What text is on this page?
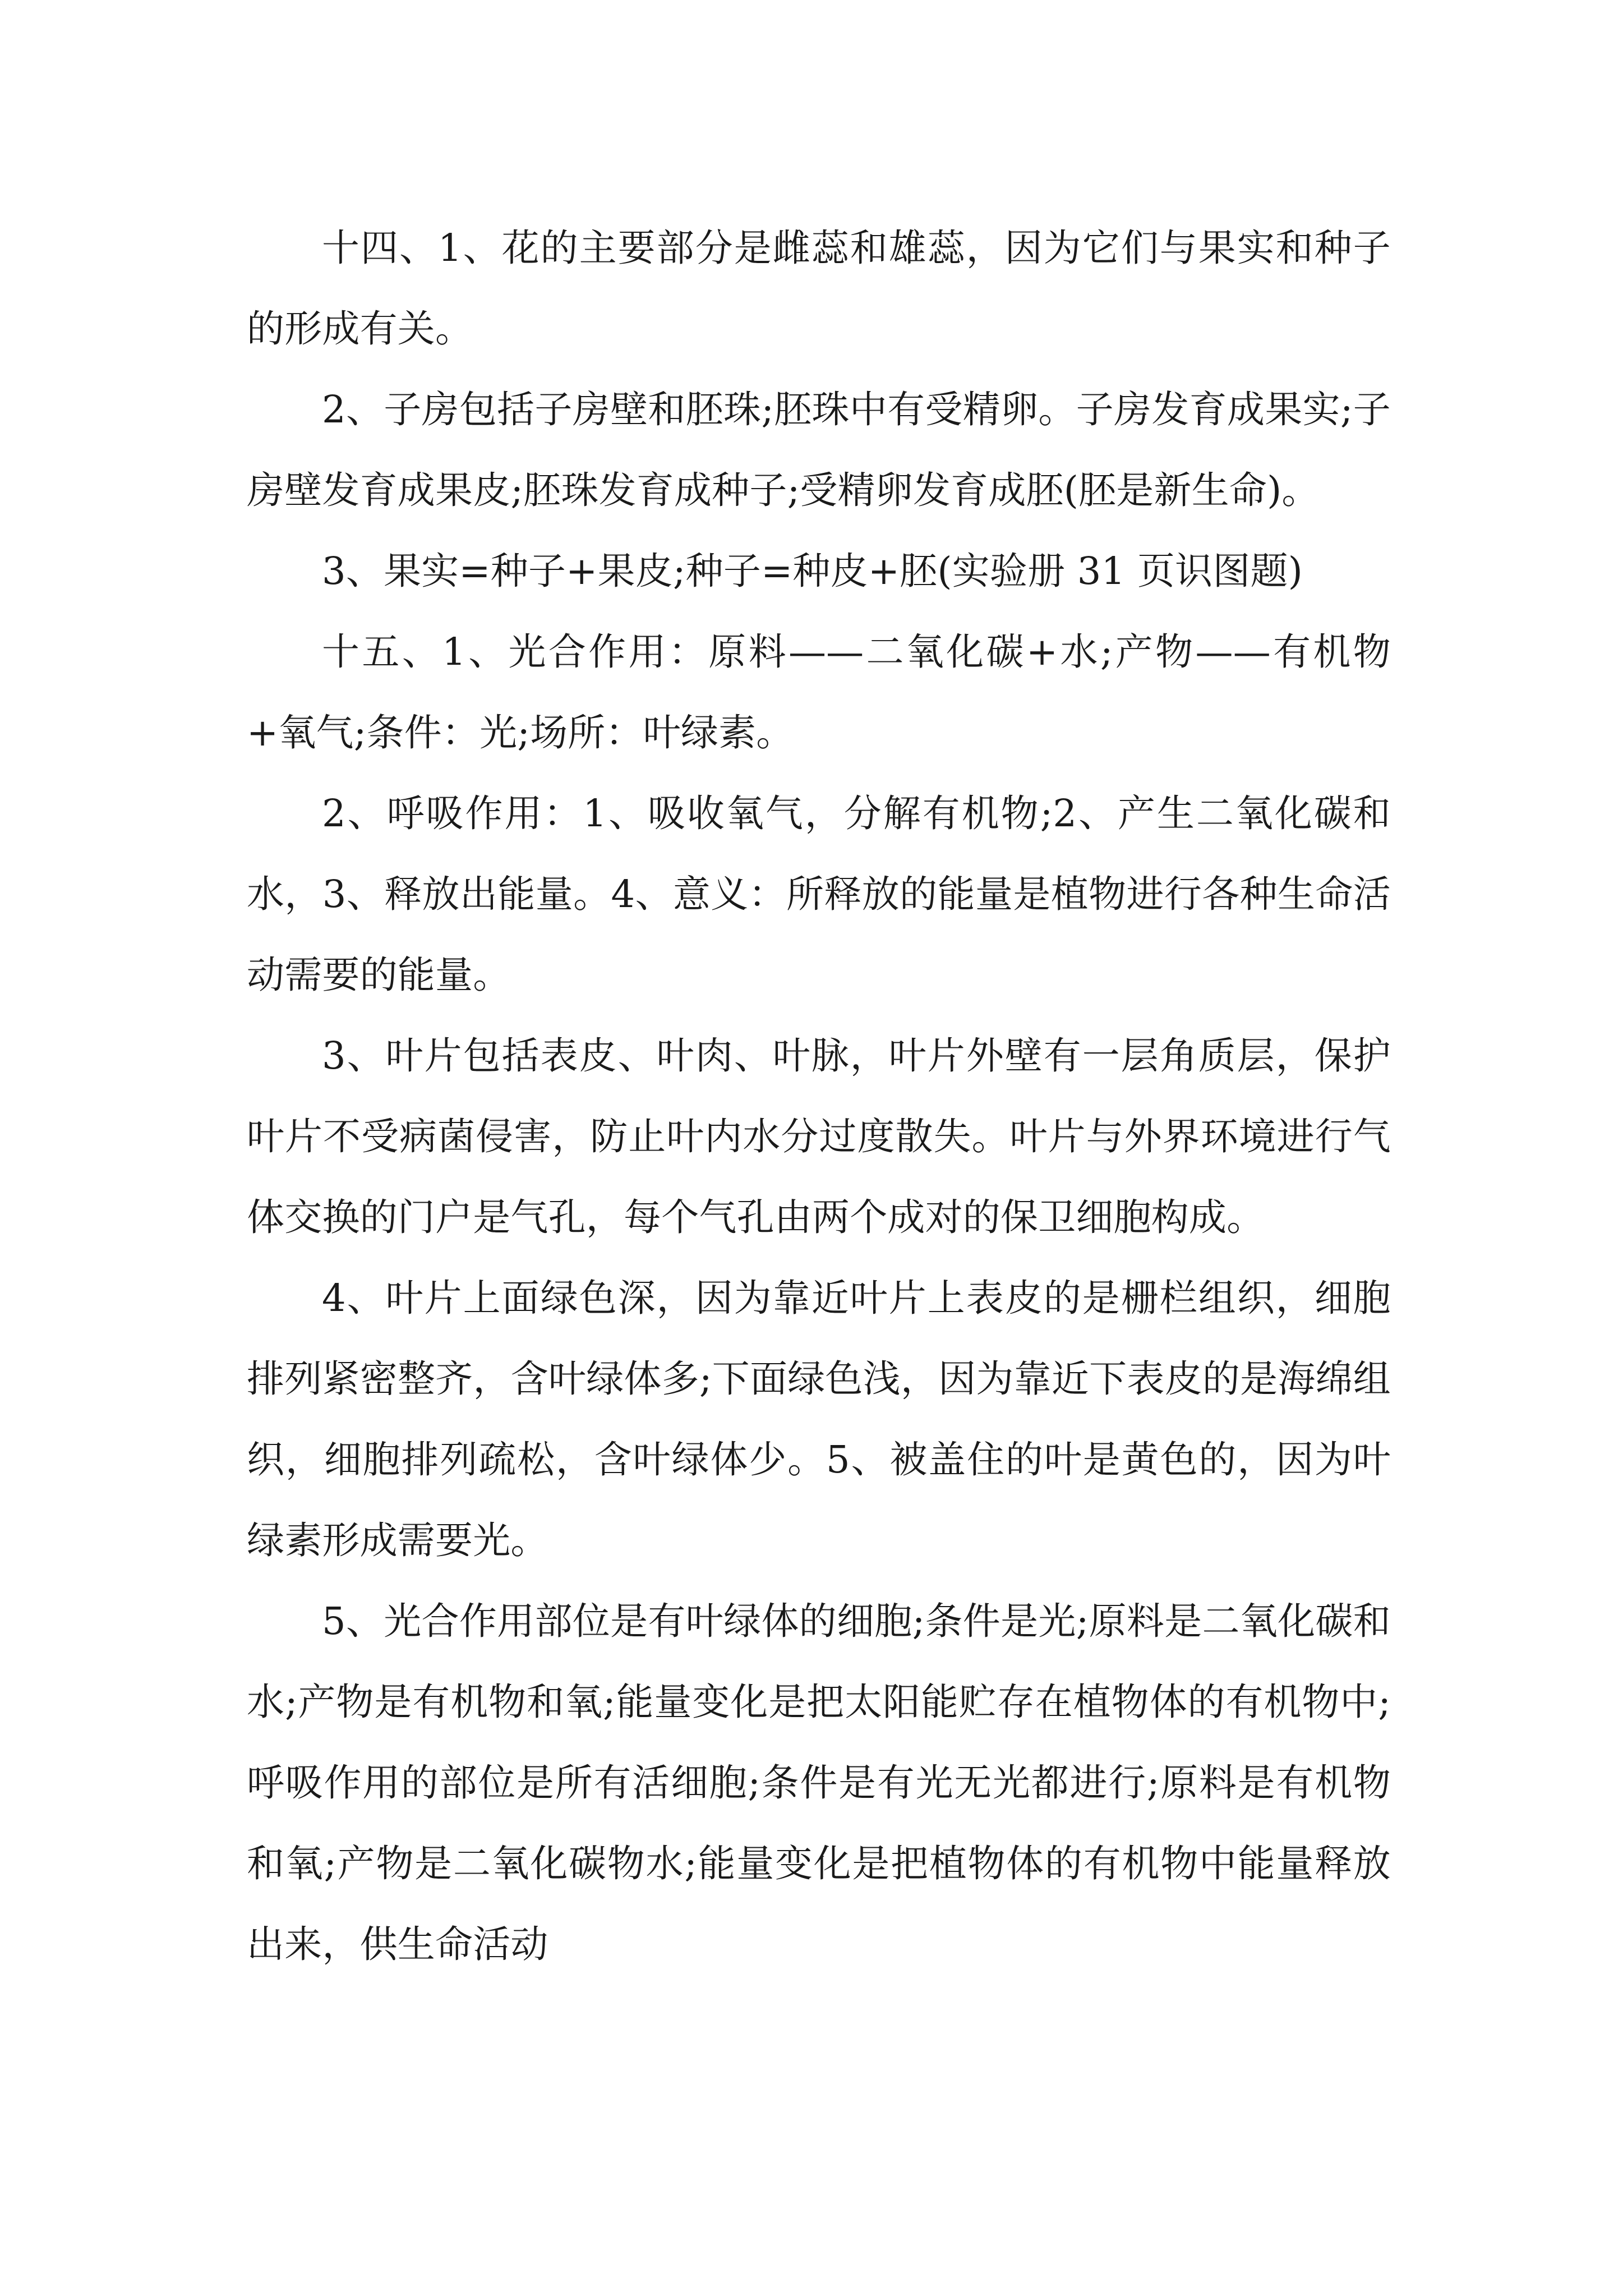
十四、1、花的主要部分是雌蕊和雄蕊，因为它们与果实和种子的形成有关。

2、子房包括子房壁和胚珠;胚珠中有受精卵。子房发育成果实;子房壁发育成果皮;胚珠发育成种子;受精卵发育成胚(胚是新生命)。

3、果实=种子+果皮;种子=种皮+胚(实验册 31 页识图题)

十五、1、光合作用：原料——二氧化碳+水;产物——有机物+氧气;条件：光;场所：叶绿素。

2、呼吸作用：1、吸收氧气，分解有机物;2、产生二氧化碳和水，3、释放出能量。4、意义：所释放的能量是植物进行各种生命活动需要的能量。

3、叶片包括表皮、叶肉、叶脉，叶片外壁有一层角质层，保护叶片不受病菌侵害，防止叶内水分过度散失。叶片与外界环境进行气体交换的门户是气孔，每个气孔由两个成对的保卫细胞构成。

4、叶片上面绿色深，因为靠近叶片上表皮的是栅栏组织，细胞排列紧密整齐，含叶绿体多;下面绿色浅，因为靠近下表皮的是海绵组织，细胞排列疏松，含叶绿体少。5、被盖住的叶是黄色的，因为叶绿素形成需要光。

5、光合作用部位是有叶绿体的细胞;条件是光;原料是二氧化碳和水;产物是有机物和氧;能量变化是把太阳能贮存在植物体的有机物中;呼吸作用的部位是所有活细胞;条件是有光无光都进行;原料是有机物和氧;产物是二氧化碳物水;能量变化是把植物体的有机物中能量释放出来，供生命活动
